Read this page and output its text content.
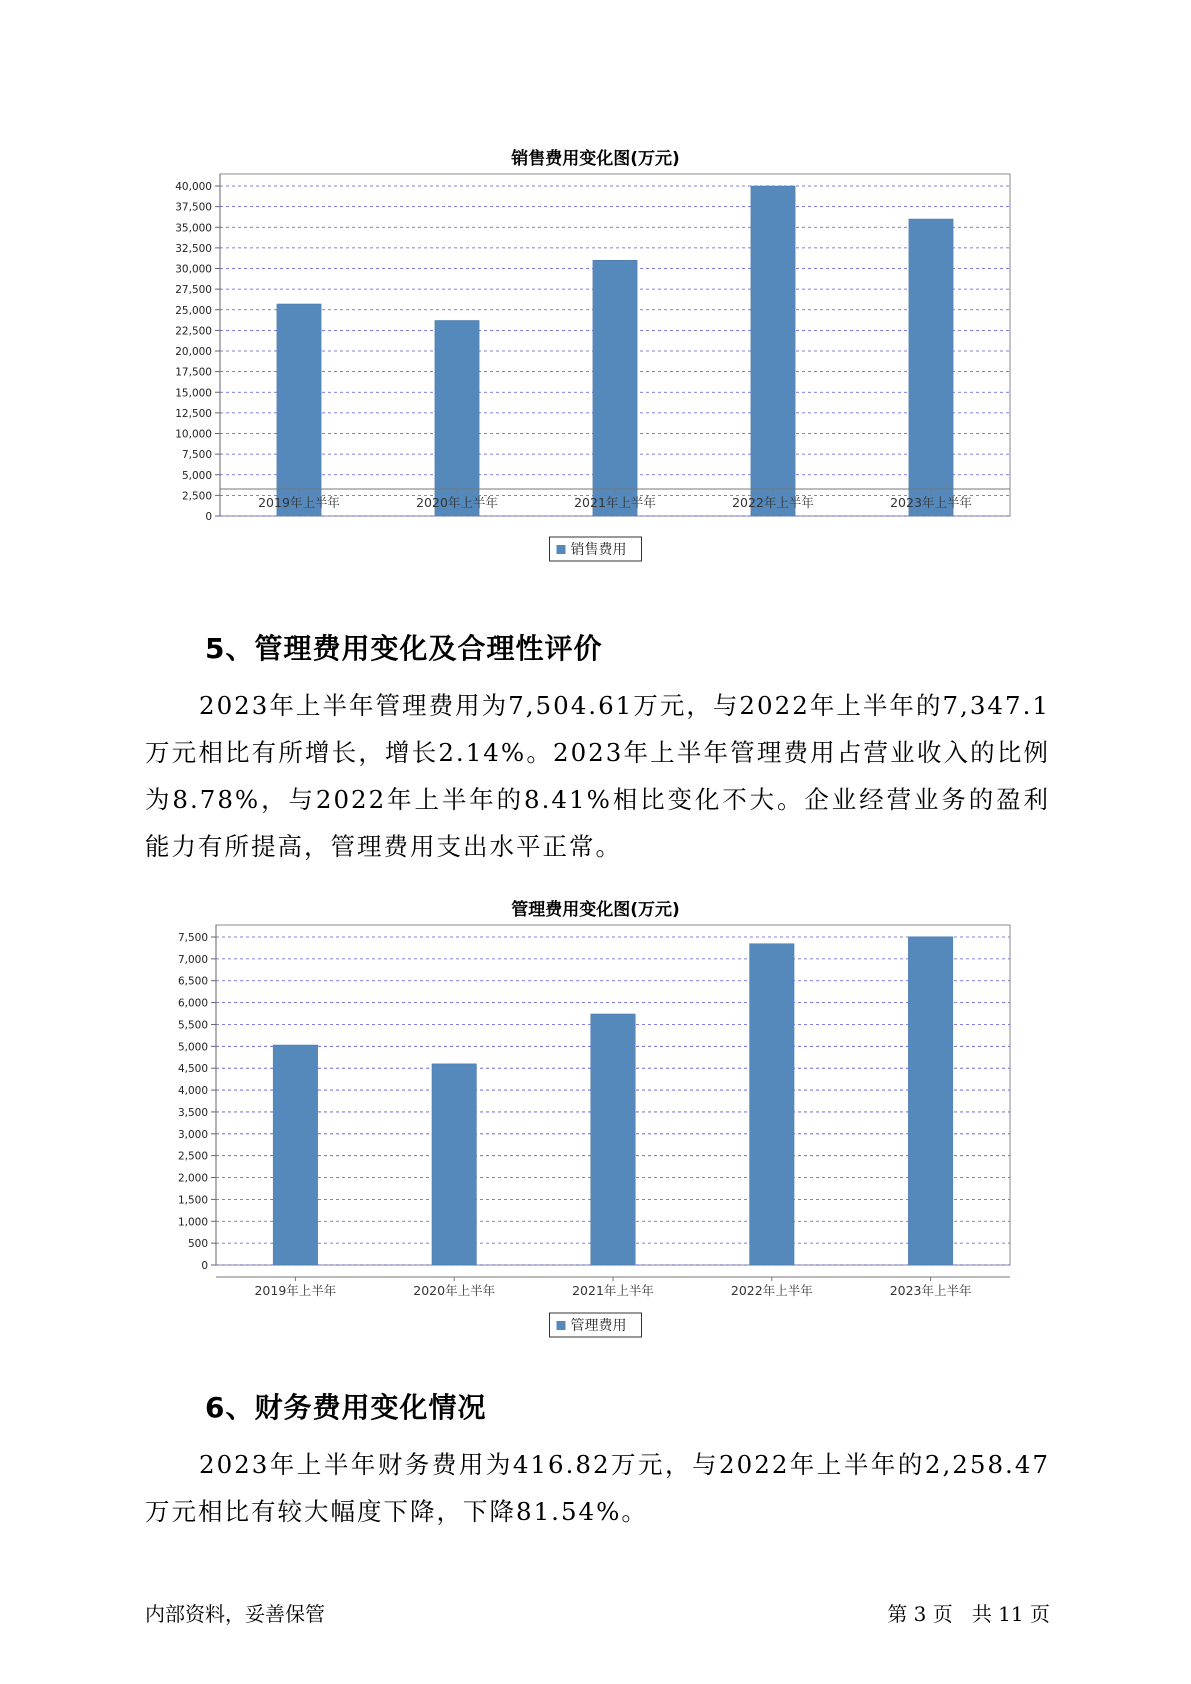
销售费用变化图(万元)
0
2,500
5,000
7,500
10,000
12,500
15,000
17,500
20,000
22,500
25,000
27,500
30,000
32,500
35,000
37,500
40,000
2019年上半年	2020年上半年	2021年上半年	2022年上半年	2023年上半年
销售费用
5、管理费用变化及合理性评价

2023年上半年管理费用为7,504.61万元，与2022年上半年的7,347.1万元相比有所增长，增长2.14%。2023年上半年管理费用占营业收入的比例为8.78%，与2022年上半年的8.41%相比变化不大。企业经营业务的盈利能力有所提高，管理费用支出水平正常。

管理费用变化图(万元)
0
500
1,000
1,500
2,000
2,500
3,000
3,500
4,000
4,500
5,000
5,500
6,000
6,500
7,000
7,500
2019年上半年	2020年上半年	2021年上半年	2022年上半年	2023年上半年
管理费用
6、财务费用变化情况

2023年上半年财务费用为416.82万元，与2022年上半年的2,258.47万元相比有较大幅度下降，下降81.54%。

内部资料，妥善保管	第 3 页   共 11 页
